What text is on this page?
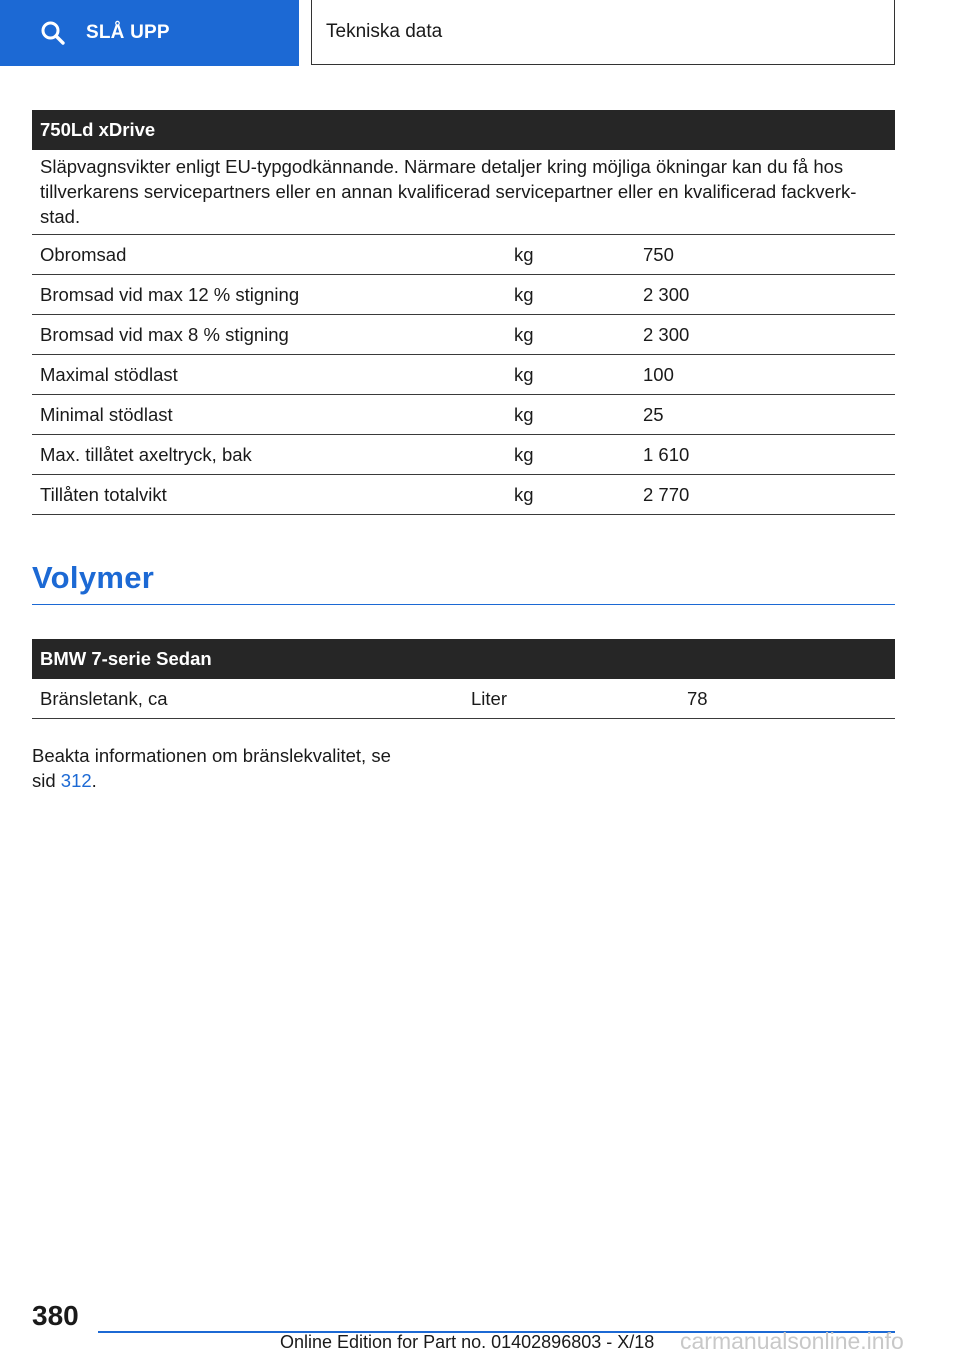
SLÅ UPP	Tekniska data
750Ld xDrive		
Släpvagnsvikter enligt EU-typgodkännande. Närmare detaljer kring möjliga ökningar kan du få hos tillverkarens servicepartners eller en annan kvalificerad servicepartner eller en kvalificerad fackverkstad.		
Obromsad	kg	750
Bromsad vid max 12 % stigning	kg	2 300
Bromsad vid max 8 % stigning	kg	2 300
Maximal stödlast	kg	100
Minimal stödlast	kg	25
Max. tillåtet axeltryck, bak	kg	1 610
Tillåten totalvikt	kg	2 770
Volymer
BMW 7-serie Sedan
Bränsletank, ca	Liter	78
Beakta informationen om bränslekvalitet, se sid 312.
380
carmanualsonline.info
Online Edition for Part no. 01402896803 - X/18
